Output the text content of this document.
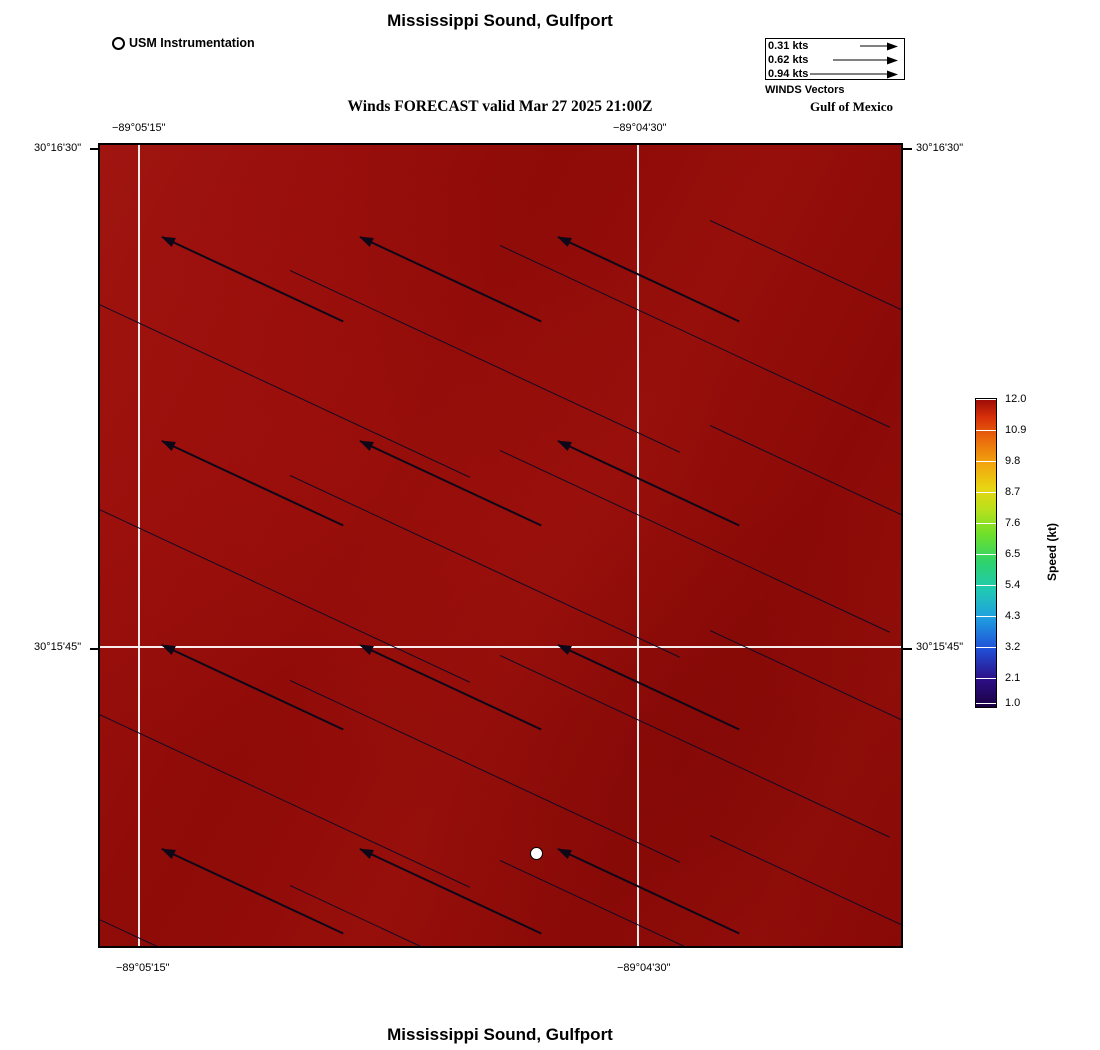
Mississippi Sound, Gulfport
Winds FORECAST valid Mar 27 2025 21:00Z
Mississippi Sound, Gulfport
USM Instrumentation	0.31 kts
0.62 kts
0.94 kts
WINDS Vectors
Gulf of Mexico
−89°05'15"	−89°04'30"
−89°05'15"	−89°04'30"
30°16'30"
30°15'45"
30°16'30"
30°15'45"
12.0
10.9
9.8
8.7
7.6
6.5
5.4
4.3
3.2
2.1
1.0
Speed (kt)
